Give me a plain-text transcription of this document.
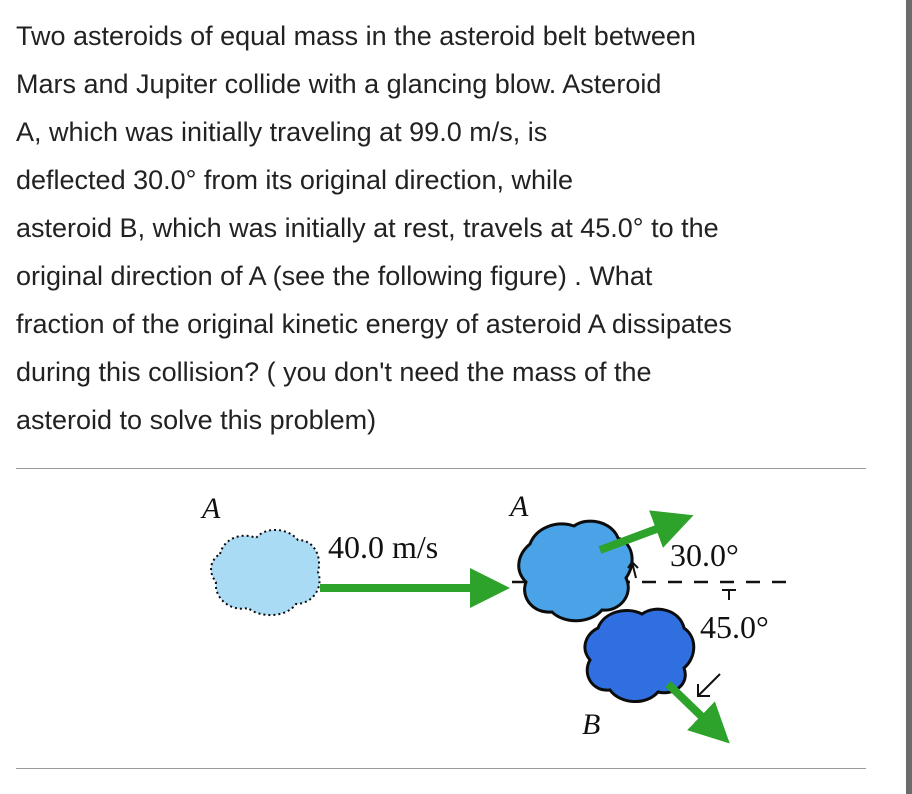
Two asteroids of equal mass in the asteroid belt between
Mars and Jupiter collide with a glancing blow. Asteroid
A, which was initially traveling at 99.0 m/s, is
deflected 30.0° from its original direction, while
asteroid B, which was initially at rest, travels at 45.0° to the
original direction of A (see the following figure) . What
fraction of the original kinetic energy of asteroid A dissipates
during this collision? ( you don't need the mass of the
asteroid to solve this problem)
A
40.0 m/s
A
30.0°
45.0°
B
